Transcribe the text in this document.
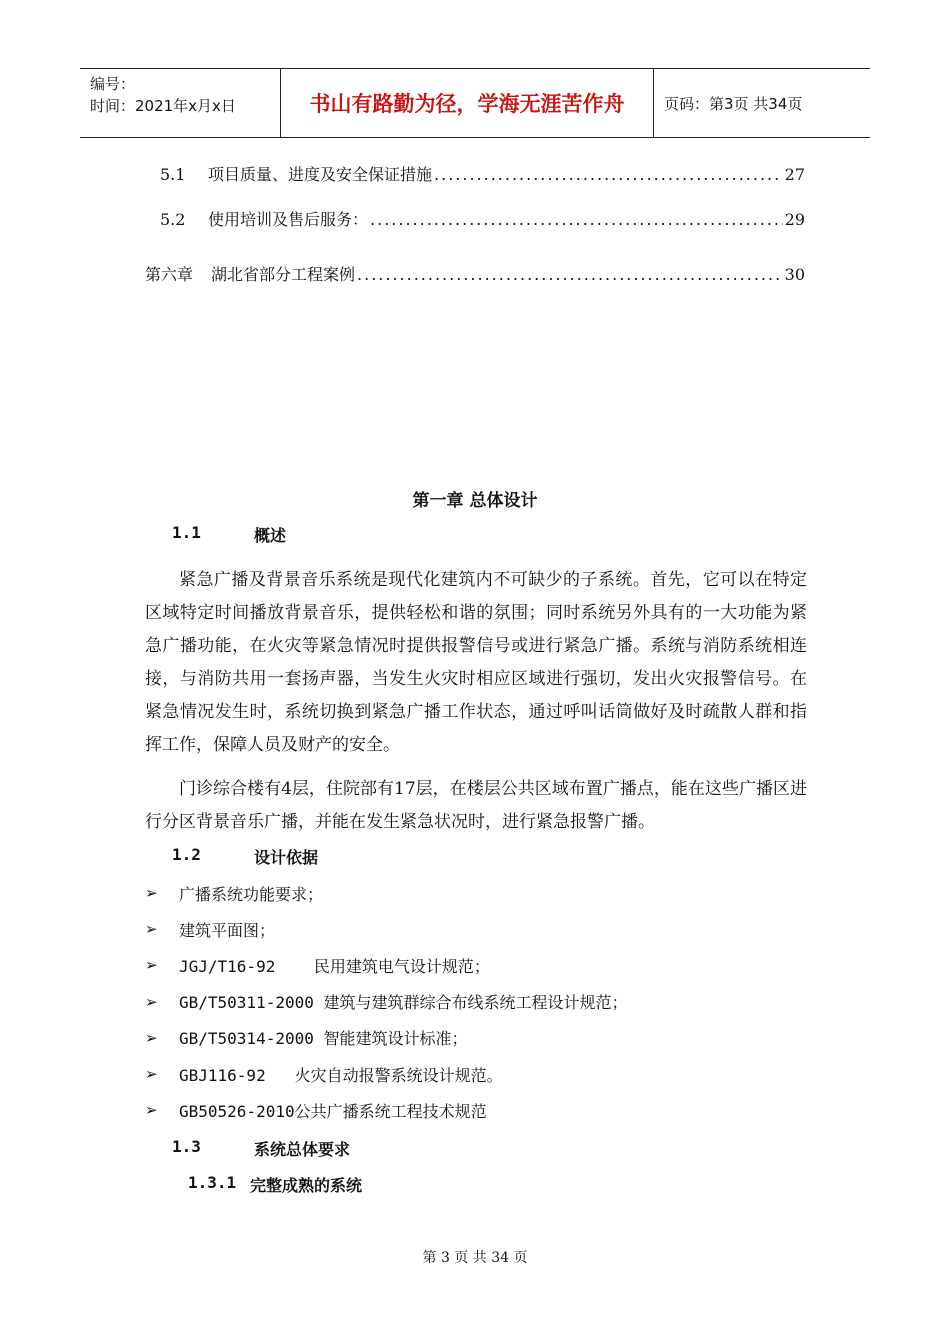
编号：
时间：2021年x月x日	书山有路勤为径，学海无涯苦作舟	页码：第3页 共34页
5.1	项目质量、进度及安全保证措施 .....	27
5.2	使用培训及售后服务： .....	29
第六章	湖北省部分工程案例 .....	30
第一章 总体设计
1.1	概述
紧急广播及背景音乐系统是现代化建筑内不可缺少的子系统。首先，它可以在特定区域特定时间播放背景音乐，提供轻松和谐的氛围；同时系统另外具有的一大功能为紧急广播功能，在火灾等紧急情况时提供报警信号或进行紧急广播。系统与消防系统相连接，与消防共用一套扬声器，当发生火灾时相应区域进行强切，发出火灾报警信号。在紧急情况发生时，系统切换到紧急广播工作状态，通过呼叫话筒做好及时疏散人群和指挥工作，保障人员及财产的安全。
门诊综合楼有4层，住院部有17层，在楼层公共区域布置广播点，能在这些广播区进行分区背景音乐广播，并能在发生紧急状况时，进行紧急报警广播。
1.2	设计依据
➢	广播系统功能要求；
➢	建筑平面图；
➢	JGJ/T16-92    民用建筑电气设计规范；
➢	GB/T50311-2000 建筑与建筑群综合布线系统工程设计规范；
➢	GB/T50314-2000 智能建筑设计标准；
➢	GBJ116-92   火灾自动报警系统设计规范。
➢	GB50526-2010公共广播系统工程技术规范
1.3	系统总体要求
1.3.1 完整成熟的系统
第 3 页 共 34 页
